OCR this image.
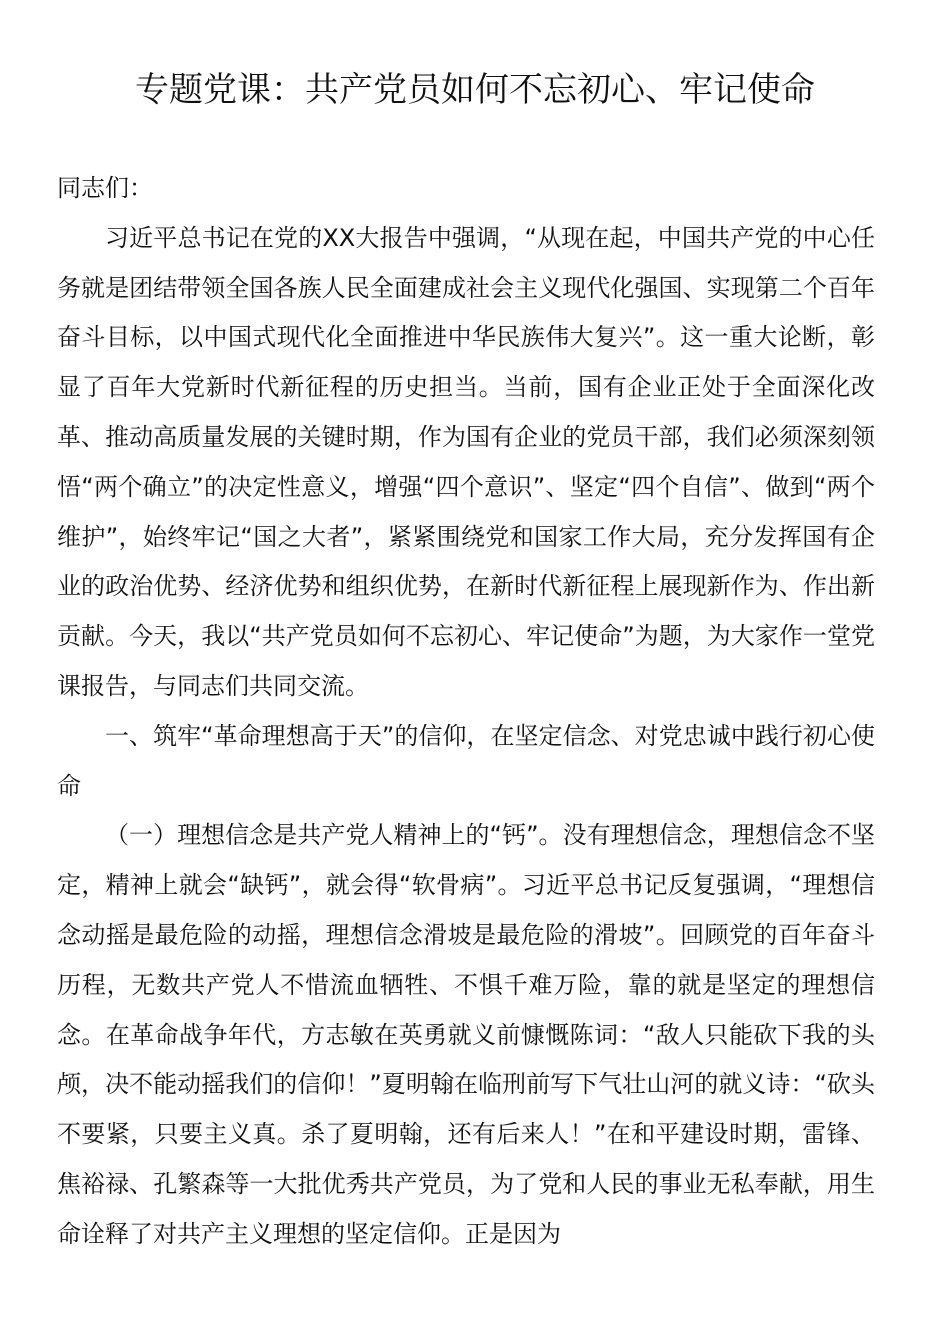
专题党课：共产党员如何不忘初心、牢记使命

同志们：

习近平总书记在党的XX大报告中强调，“从现在起，中国共产党的中心任务就是团结带领全国各族人民全面建成社会主义现代化强国、实现第二个百年奋斗目标，以中国式现代化全面推进中华民族伟大复兴”。这一重大论断，彰显了百年大党新时代新征程的历史担当。当前，国有企业正处于全面深化改革、推动高质量发展的关键时期，作为国有企业的党员干部，我们必须深刻领悟“两个确立”的决定性意义，增强“四个意识”、坚定“四个自信”、做到“两个维护”，始终牢记“国之大者”，紧紧围绕党和国家工作大局，充分发挥国有企业的政治优势、经济优势和组织优势，在新时代新征程上展现新作为、作出新贡献。今天，我以“共产党员如何不忘初心、牢记使命”为题，为大家作一堂党课报告，与同志们共同交流。

一、筑牢“革命理想高于天”的信仰，在坚定信念、对党忠诚中践行初心使命

（一）理想信念是共产党人精神上的“钙”。没有理想信念，理想信念不坚定，精神上就会“缺钙”，就会得“软骨病”。习近平总书记反复强调，“理想信念动摇是最危险的动摇，理想信念滑坡是最危险的滑坡”。回顾党的百年奋斗历程，无数共产党人不惜流血牺牲、不惧千难万险，靠的就是坚定的理想信念。在革命战争年代，方志敏在英勇就义前慷慨陈词：“敌人只能砍下我的头颅，决不能动摇我们的信仰！”夏明翰在临刑前写下气壮山河的就义诗：“砍头不要紧，只要主义真。杀了夏明翰，还有后来人！”在和平建设时期，雷锋、焦裕禄、孔繁森等一大批优秀共产党员，为了党和人民的事业无私奉献，用生命诠释了对共产主义理想的坚定信仰。正是因为
